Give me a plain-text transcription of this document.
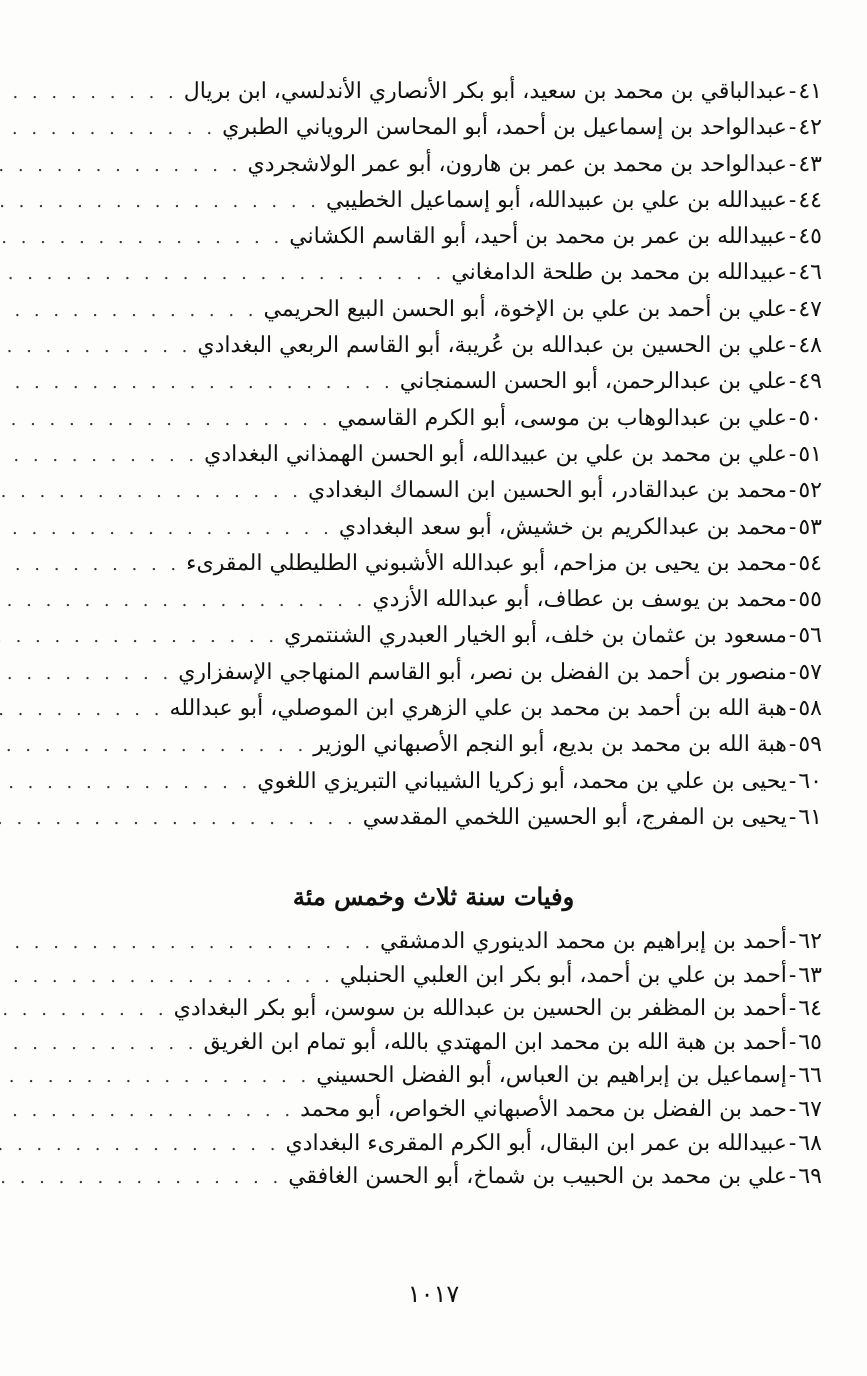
٤١
-
عبدالباقي بن محمد بن سعيد، أبو بكر الأنصاري الأندلسي، ابن بريال
. . .
٤٢
-
عبدالواحد بن إسماعيل بن أحمد، أبو المحاسن الروياني الطبري
. . .
٤٣
-
عبدالواحد بن محمد بن عمر بن هارون، أبو عمر الولاشجردي
. . .
٤٤
-
عبيدالله بن علي بن عبيدالله، أبو إسماعيل الخطيبي
. . .
٤٥
-
عبيدالله بن عمر بن محمد بن أحيد، أبو القاسم الكشاني
. . .
٤٦
-
عبيدالله بن محمد بن طلحة الدامغاني
. . .
٤٧
-
علي بن أحمد بن علي بن الإخوة، أبو الحسن البيع الحريمي
. . .
٤٨
-
علي بن الحسين بن عبدالله بن عُريبة، أبو القاسم الربعي البغدادي
. . .
٤٩
-
علي بن عبدالرحمن، أبو الحسن السمنجاني
. . .
٥٠
-
علي بن عبدالوهاب بن موسى، أبو الكرم القاسمي
. . .
٥١
-
علي بن محمد بن علي بن عبيدالله، أبو الحسن الهمذاني البغدادي
. . .
٥٢
-
محمد بن عبدالقادر، أبو الحسين ابن السماك البغدادي
. . .
٥٣
-
محمد بن عبدالكريم بن خشيش، أبو سعد البغدادي
. . .
٥٤
-
محمد بن يحيى بن مزاحم، أبو عبدالله الأشبوني الطليطلي المقرىء
. . .
٥٥
-
محمد بن يوسف بن عطاف، أبو عبدالله الأزدي
. . .
٥٦
-
مسعود بن عثمان بن خلف، أبو الخيار العبدري الشنتمري
. . .
٥٧
-
منصور بن أحمد بن الفضل بن نصر، أبو القاسم المنهاجي الإسفزاري
. . .
٥٨
-
هبة الله بن أحمد بن محمد بن علي الزهري ابن الموصلي، أبو عبدالله
. . .
٥٩
-
هبة الله بن محمد بن بديع، أبو النجم الأصبهاني الوزير
. . .
٦٠
-
يحيى بن علي بن محمد، أبو زكريا الشيباني التبريزي اللغوي
. . .
٦١
-
يحيى بن المفرج، أبو الحسين اللخمي المقدسي
. . .
وفيات سنة ثلاث وخمس مئة
٦٢
-
أحمد بن إبراهيم بن محمد الدينوري الدمشقي
. . .
٦٣
-
أحمد بن علي بن أحمد، أبو بكر ابن العلبي الحنبلي
. . .
٦٤
-
أحمد بن المظفر بن الحسين بن عبدالله بن سوسن، أبو بكر البغدادي
. . .
٦٥
-
أحمد بن هبة الله بن محمد ابن المهتدي بالله، أبو تمام ابن الغريق
. . .
٦٦
-
إسماعيل بن إبراهيم بن العباس، أبو الفضل الحسيني
. . .
٦٧
-
حمد بن الفضل بن محمد الأصبهاني الخواص، أبو محمد
. . .
٦٨
-
عبيدالله بن عمر ابن البقال، أبو الكرم المقرىء البغدادي
. . .
٦٩
-
علي بن محمد بن الحبيب بن شماخ، أبو الحسن الغافقي
. . .
١٠١٧
